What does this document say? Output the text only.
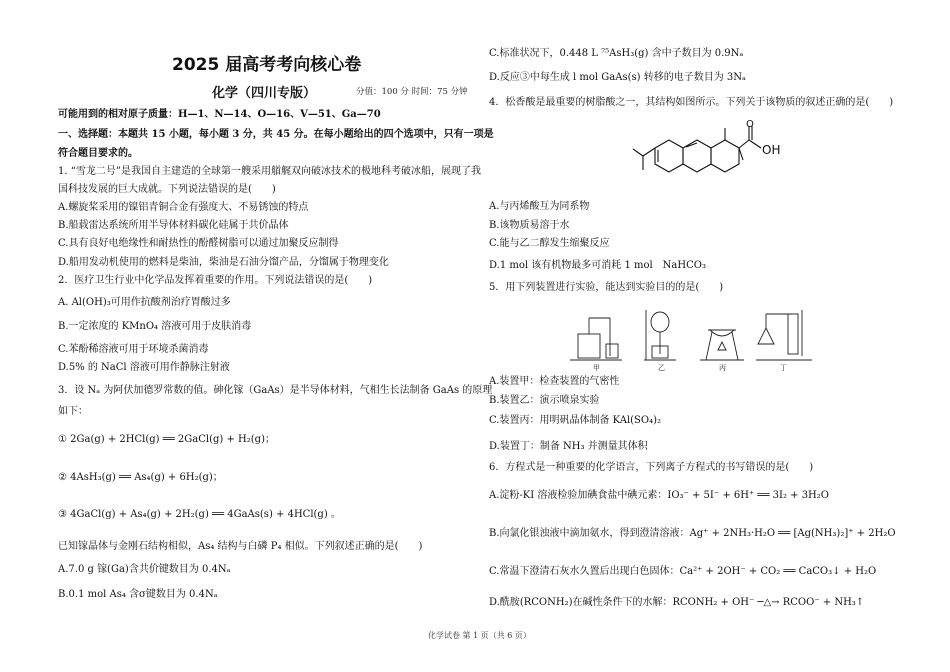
2025 届高考考向核心卷
化学（四川专版）	分值：100 分 时间：75 分钟
可能用到的相对原子质量：H—1、N—14、O—16、V—51、Ga—70
一、选择题：本题共 15 小题，每小题 3 分，共 45 分。在每小题给出的四个选项中，只有一项是
符合题目要求的。
1. “雪龙二号”是我国自主建造的全球第一艘采用艏艉双向破冰技术的极地科考破冰船，展现了我
国科技发展的巨大成就。下列说法错误的是(　　)
A.螺旋桨采用的镍铝青铜合金有强度大、不易锈蚀的特点
B.船载雷达系统所用半导体材料碳化硅属于共价晶体
C.具有良好电绝缘性和耐热性的酚醛树脂可以通过加聚反应制得
D.船用发动机使用的燃料是柴油，柴油是石油分馏产品，分馏属于物理变化
2．医疗卫生行业中化学品发挥着重要的作用。下列说法错误的是(　　)
A. Al(OH)₃可用作抗酸剂治疗胃酸过多
B.一定浓度的 KMnO₄ 溶液可用于皮肤消毒
C.苯酚稀溶液可用于环境杀菌消毒
D.5% 的 NaCl 溶液可用作静脉注射液
3．设 Nₐ 为阿伏加德罗常数的值。砷化镓（GaAs）是半导体材料，气相生长法制备 GaAs 的原理
如下：
① 2Ga(g) + 2HCl(g) ══ 2GaCl(g) + H₂(g)；
② 4AsH₃(g) ══ As₄(g) + 6H₂(g)；
③ 4GaCl(g) + As₄(g) + 2H₂(g) ══ 4GaAs(s) + 4HCl(g) 。
已知镓晶体与金刚石结构相似，As₄ 结构与白磷 P₄ 相似。下列叙述正确的是(　　)
A.7.0 g 镓(Ga)含共价键数目为 0.4Nₐ
B.0.1 mol As₄ 含σ键数目为 0.4Nₐ
C.标准状况下，0.448 L ⁷⁵AsH₃(g) 含中子数目为 0.9Nₐ
D.反应③中每生成 l mol GaAs(s) 转移的电子数目为 3Nₐ
4．松香酸是最重要的树脂酸之一，其结构如图所示。下列关于该物质的叙述正确的是(　　)
O
OH
A.与丙烯酸互为同系物
B.该物质易溶于水
C.能与乙二醇发生缩聚反应
D.1 mol 该有机物最多可消耗 1 mol　NaHCO₃
5．用下列装置进行实验，能达到实验目的的是(　　)
甲	乙	丙	丁
A.装置甲：检查装置的气密性
B.装置乙：演示喷泉实验
C.装置丙：用明矾晶体制备 KAl(SO₄)₂
D.装置丁：制备 NH₃ 并测量其体积
6．方程式是一种重要的化学语言，下列离子方程式的书写错误的是(　　)
A.淀粉-KI 溶液检验加碘食盐中碘元素：IO₃⁻ + 5I⁻ + 6H⁺ ══ 3I₂ + 3H₂O
B.向氯化银浊液中滴加氨水，得到澄清溶液：Ag⁺ + 2NH₃·H₂O ══ [Ag(NH₃)₂]⁺ + 2H₂O
C.常温下澄清石灰水久置后出现白色固体：Ca²⁺ + 2OH⁻ + CO₂ ══ CaCO₃↓ + H₂O
D.酰胺(RCONH₂)在碱性条件下的水解：RCONH₂ + OH⁻ ─△→ RCOO⁻ + NH₃↑
化学试卷 第 1 页（共 6 页）
